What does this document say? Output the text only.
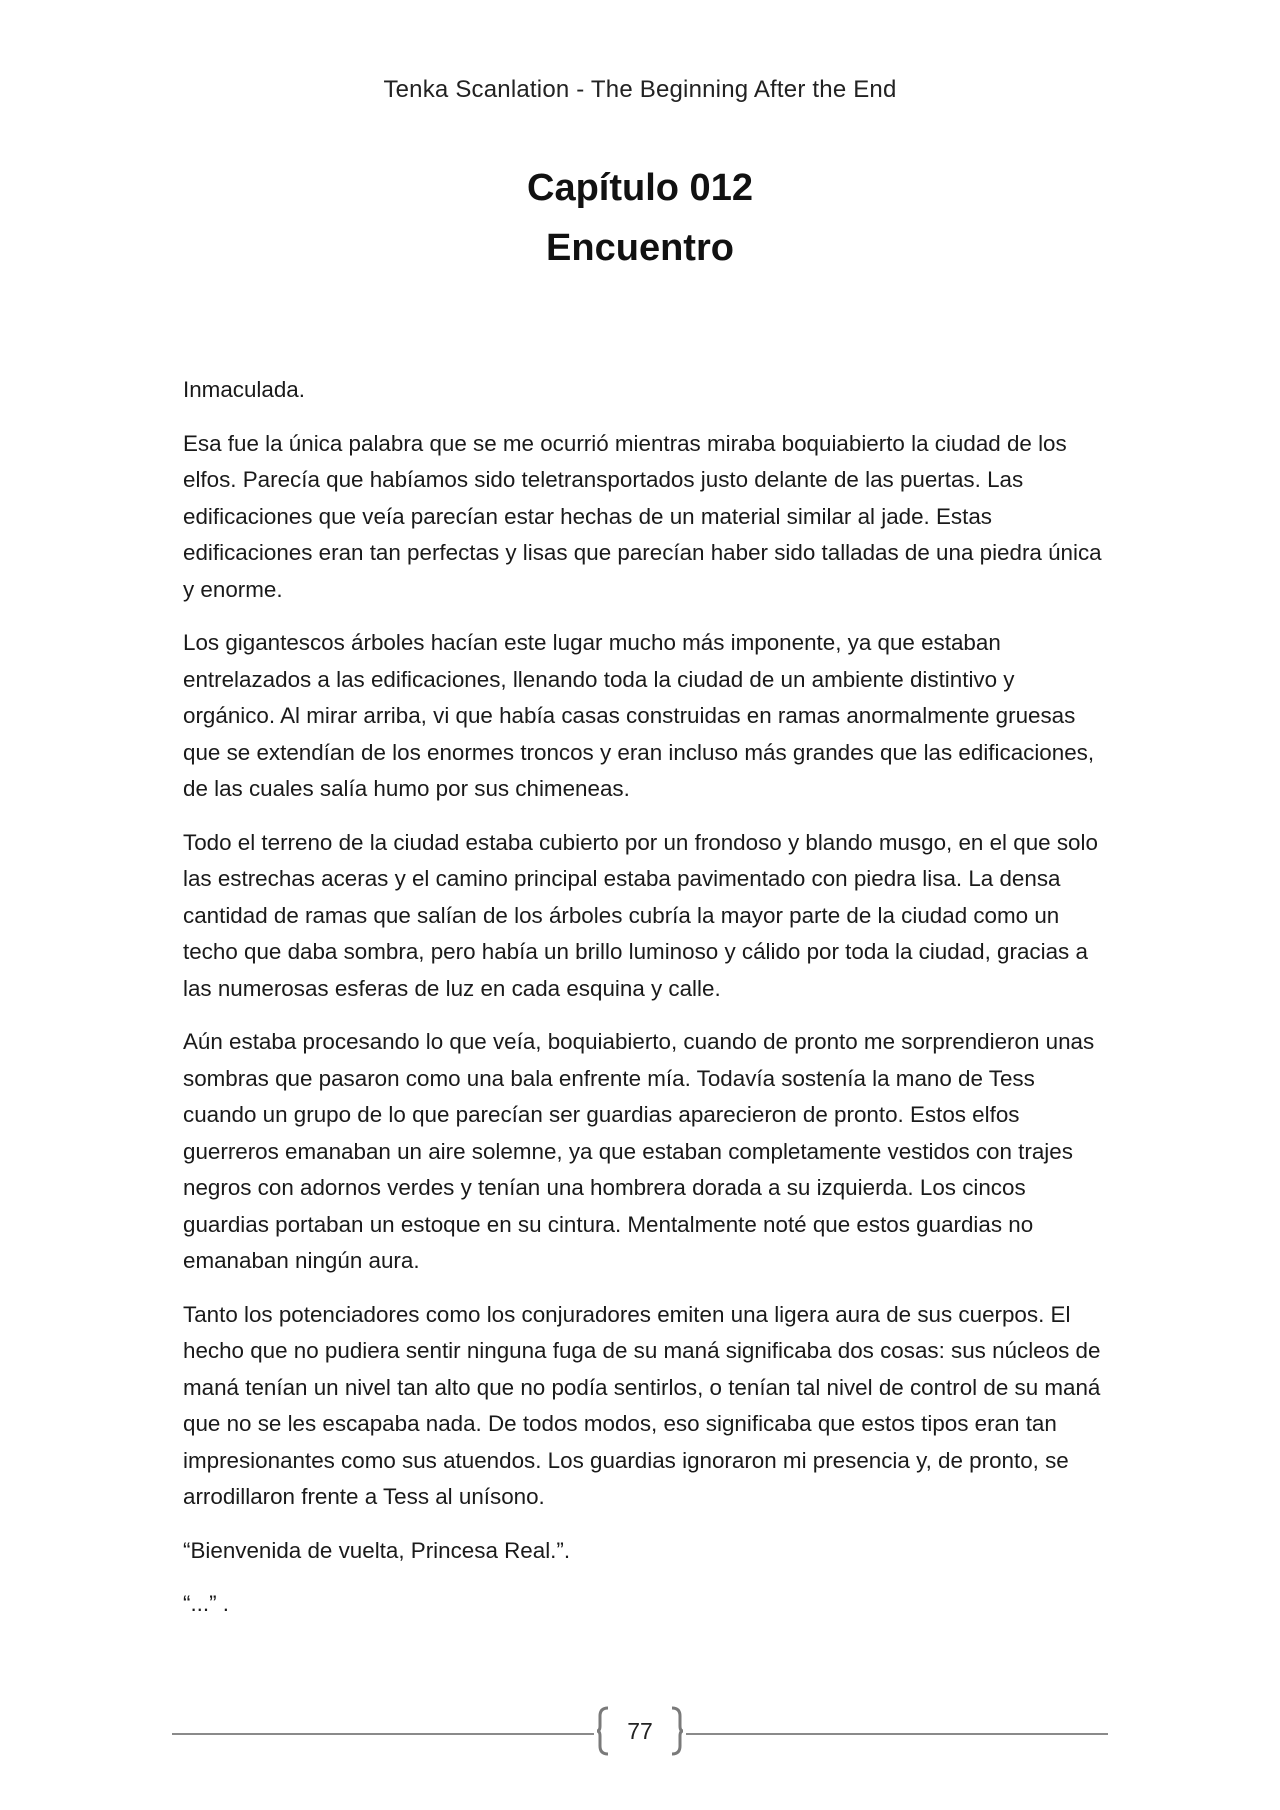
Tenka Scanlation - The Beginning After the End
Capítulo 012
Encuentro

Inmaculada.

Esa fue la única palabra que se me ocurrió mientras miraba boquiabierto la ciudad de los elfos. Parecía que habíamos sido teletransportados justo delante de las puertas. Las edificaciones que veía parecían estar hechas de un material similar al jade. Estas edificaciones eran tan perfectas y lisas que parecían haber sido talladas de una piedra única y enorme.

Los gigantescos árboles hacían este lugar mucho más imponente, ya que estaban entrelazados a las edificaciones, llenando toda la ciudad de un ambiente distintivo y orgánico. Al mirar arriba, vi que había casas construidas en ramas anormalmente gruesas que se extendían de los enormes troncos y eran incluso más grandes que las edificaciones, de las cuales salía humo por sus chimeneas.

Todo el terreno de la ciudad estaba cubierto por un frondoso y blando musgo, en el que solo las estrechas aceras y el camino principal estaba pavimentado con piedra lisa. La densa cantidad de ramas que salían de los árboles cubría la mayor parte de la ciudad como un techo que daba sombra, pero había un brillo luminoso y cálido por toda la ciudad, gracias a las numerosas esferas de luz en cada esquina y calle.

Aún estaba procesando lo que veía, boquiabierto, cuando de pronto me sorprendieron unas sombras que pasaron como una bala enfrente mía. Todavía sostenía la mano de Tess cuando un grupo de lo que parecían ser guardias aparecieron de pronto. Estos elfos guerreros emanaban un aire solemne, ya que estaban completamente vestidos con trajes negros con adornos verdes y tenían una hombrera dorada a su izquierda. Los cincos guardias portaban un estoque en su cintura. Mentalmente noté que estos guardias no emanaban ningún aura.

Tanto los potenciadores como los conjuradores emiten una ligera aura de sus cuerpos. El hecho que no pudiera sentir ninguna fuga de su maná significaba dos cosas: sus núcleos de maná tenían un nivel tan alto que no podía sentirlos, o tenían tal nivel de control de su maná que no se les escapaba nada. De todos modos, eso significaba que estos tipos eran tan impresionantes como sus atuendos. Los guardias ignoraron mi presencia y, de pronto, se arrodillaron frente a Tess al unísono.

“Bienvenida de vuelta, Princesa Real.”.

“...” .

77
